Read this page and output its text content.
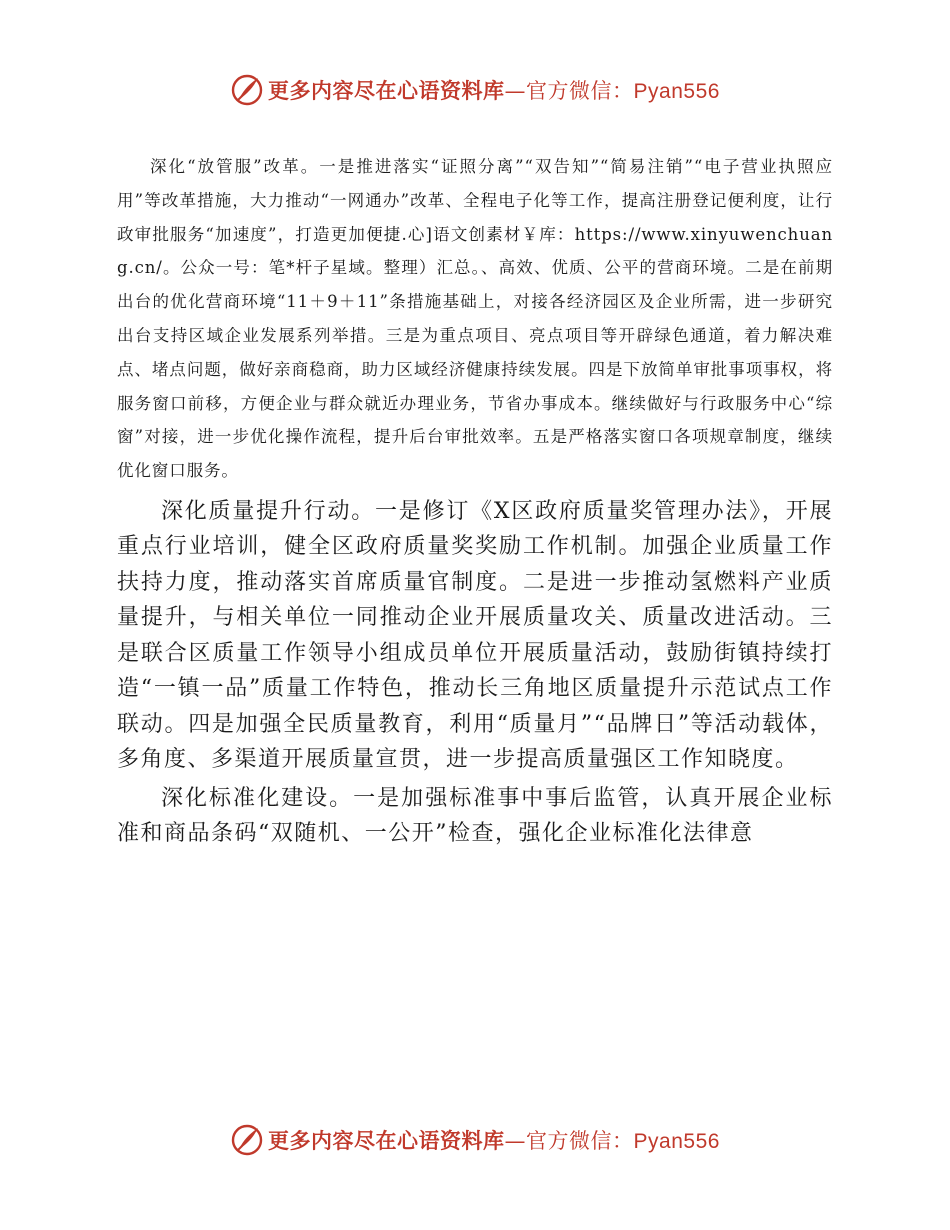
更多内容尽在心语资料库—官方微信：Pyan556

深化“放管服”改革。一是推进落实“证照分离”“双告知”“简易注销”“电子营业执照应用”等改革措施，大力推动“一网通办”改革、全程电子化等工作，提高注册登记便利度，让行政审批服务“加速度”，打造更加便捷.心]语文创素材￥库：https://www.xinyuwenchuang.cn/。公众一号：笔*杆子星域。整理）汇总。、高效、优质、公平的营商环境。二是在前期出台的优化营商环境“11＋9＋11”条措施基础上，对接各经济园区及企业所需，进一步研究出台支持区域企业发展系列举措。三是为重点项目、亮点项目等开辟绿色通道，着力解决难点、堵点问题，做好亲商稳商，助力区域经济健康持续发展。四是下放简单审批事项事权，将服务窗口前移，方便企业与群众就近办理业务，节省办事成本。继续做好与行政服务中心“综窗”对接，进一步优化操作流程，提升后台审批效率。五是严格落实窗口各项规章制度，继续优化窗口服务。

深化质量提升行动。一是修订《X区政府质量奖管理办法》，开展重点行业培训，健全区政府质量奖奖励工作机制。加强企业质量工作扶持力度，推动落实首席质量官制度。二是进一步推动氢燃料产业质量提升，与相关单位一同推动企业开展质量攻关、质量改进活动。三是联合区质量工作领导小组成员单位开展质量活动，鼓励街镇持续打造“一镇一品”质量工作特色，推动长三角地区质量提升示范试点工作联动。四是加强全民质量教育，利用“质量月”“品牌日”等活动载体，多角度、多渠道开展质量宣贯，进一步提高质量强区工作知晓度。

深化标准化建设。一是加强标准事中事后监管，认真开展企业标准和商品条码“双随机、一公开”检查，强化企业标准化法律意

更多内容尽在心语资料库—官方微信：Pyan556
